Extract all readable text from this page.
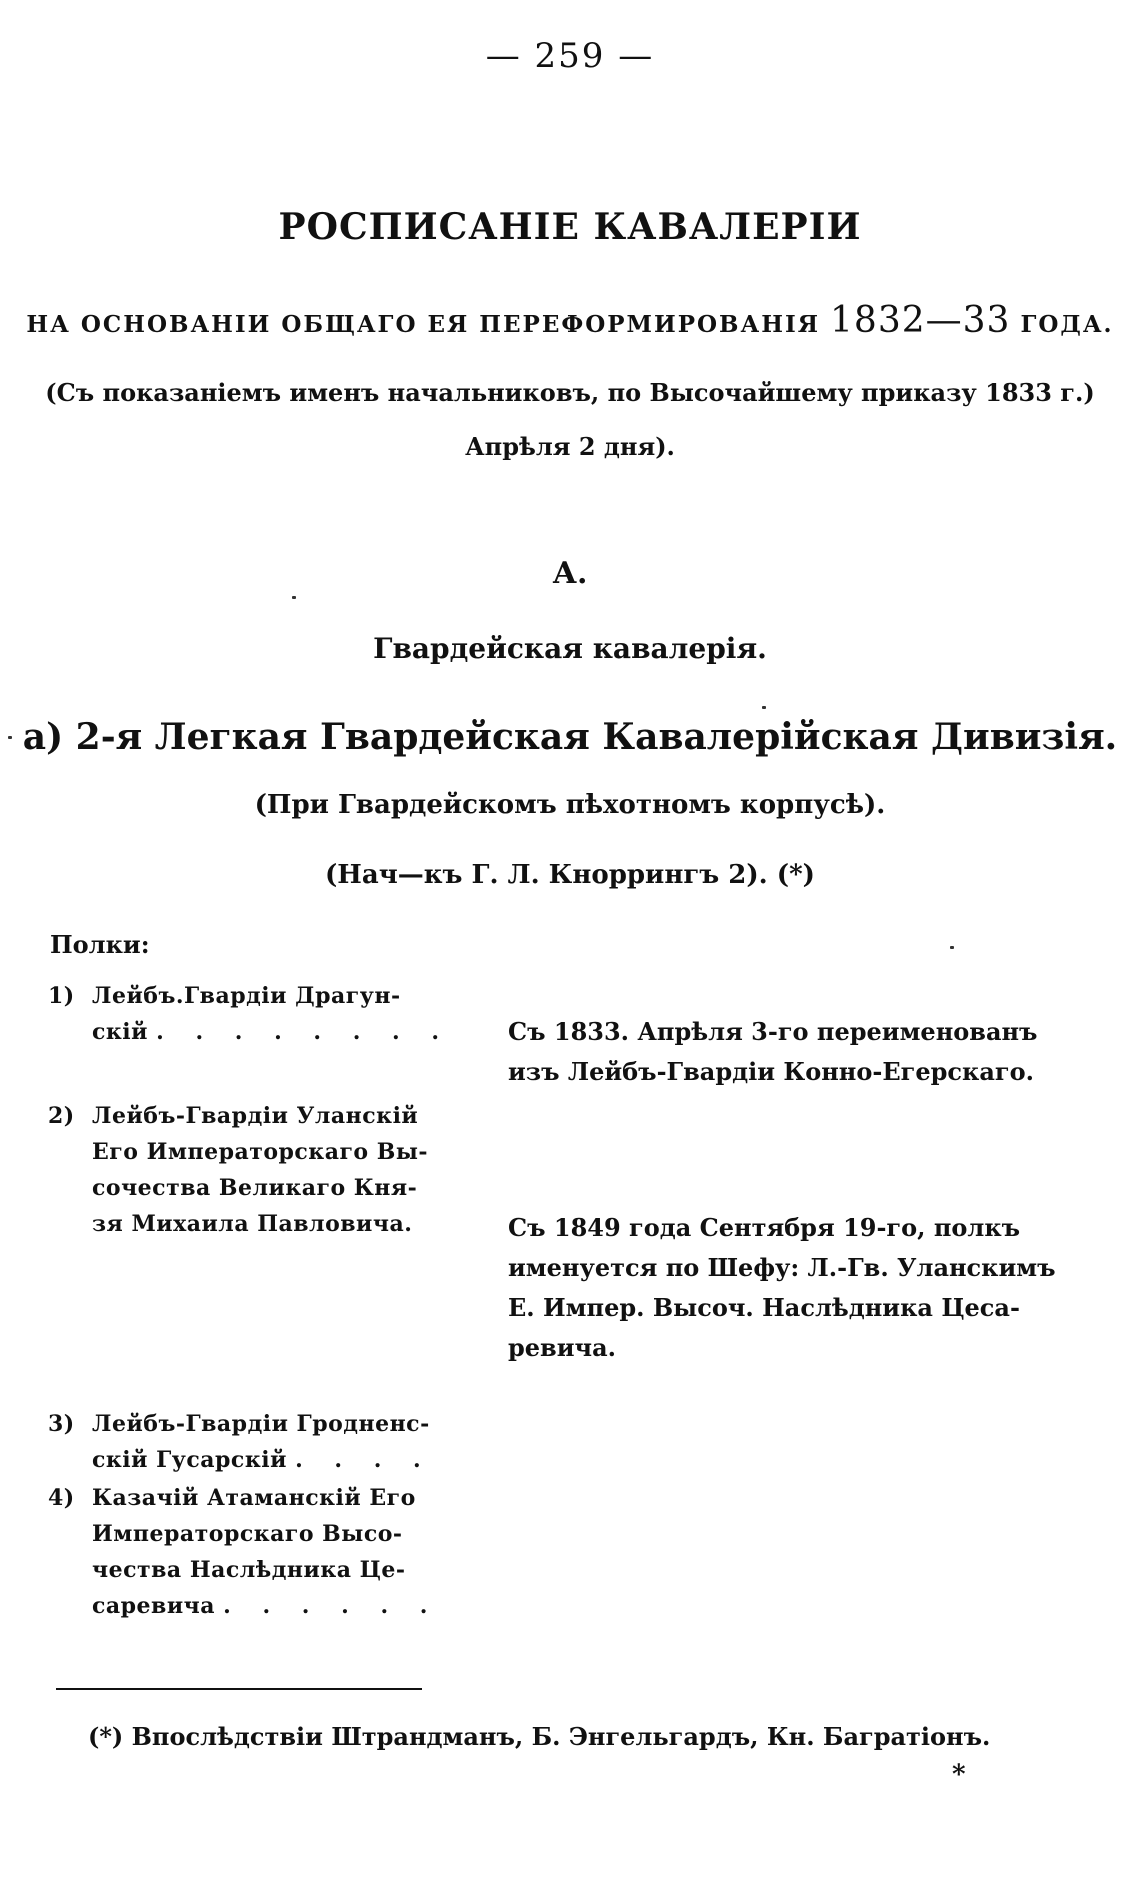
— 259 —
РОСПИСАНIЕ КАВАЛЕРIИ
НА ОСНОВАНIИ ОБЩАГО ЕЯ ПЕРЕФОРМИРОВАНIЯ 1832—33 ГОДА.
(Съ показанiемъ именъ начальниковъ, по Высочайшему приказу 1833 г.)
Апрѣля 2 дня).
А.
Гвардейская кавалерiя.
а) 2-я Легкая Гвардейская Кавалерiйская Дивизiя.
(При Гвардейскомъ пѣхотномъ корпусѣ).
(Нач—къ Г. Л. Кноррингъ 2). (*)
Полки:
1) Лейбъ.Гвардiи Драгун-
скiй . . . . . . . .	Съ 1833. Апрѣля 3-го переименованъ
изъ Лейбъ-Гвардiи Конно-Егерскаго.
2) Лейбъ-Гвардiи Уланскiй
Его Императорскаго Вы-
сочества Великаго Кня-
зя Михаила Павловича.	Съ 1849 года Сентября 19-го, полкъ
именуется по Шефу: Л.-Гв. Уланскимъ
Е. Импер. Высоч. Наслѣдника Цеса-
ревича.
3) Лейбъ-Гвардiи Гродненс-
скiй Гусарскiй . . . .
4) Казачiй Атаманскiй Его
Императорскаго Высо-
чества Наслѣдника Це-
саревича . . . . . .
(*) Впослѣдствiи Штрандманъ, Б. Энгельгардъ, Кн. Багратiонъ.
*
